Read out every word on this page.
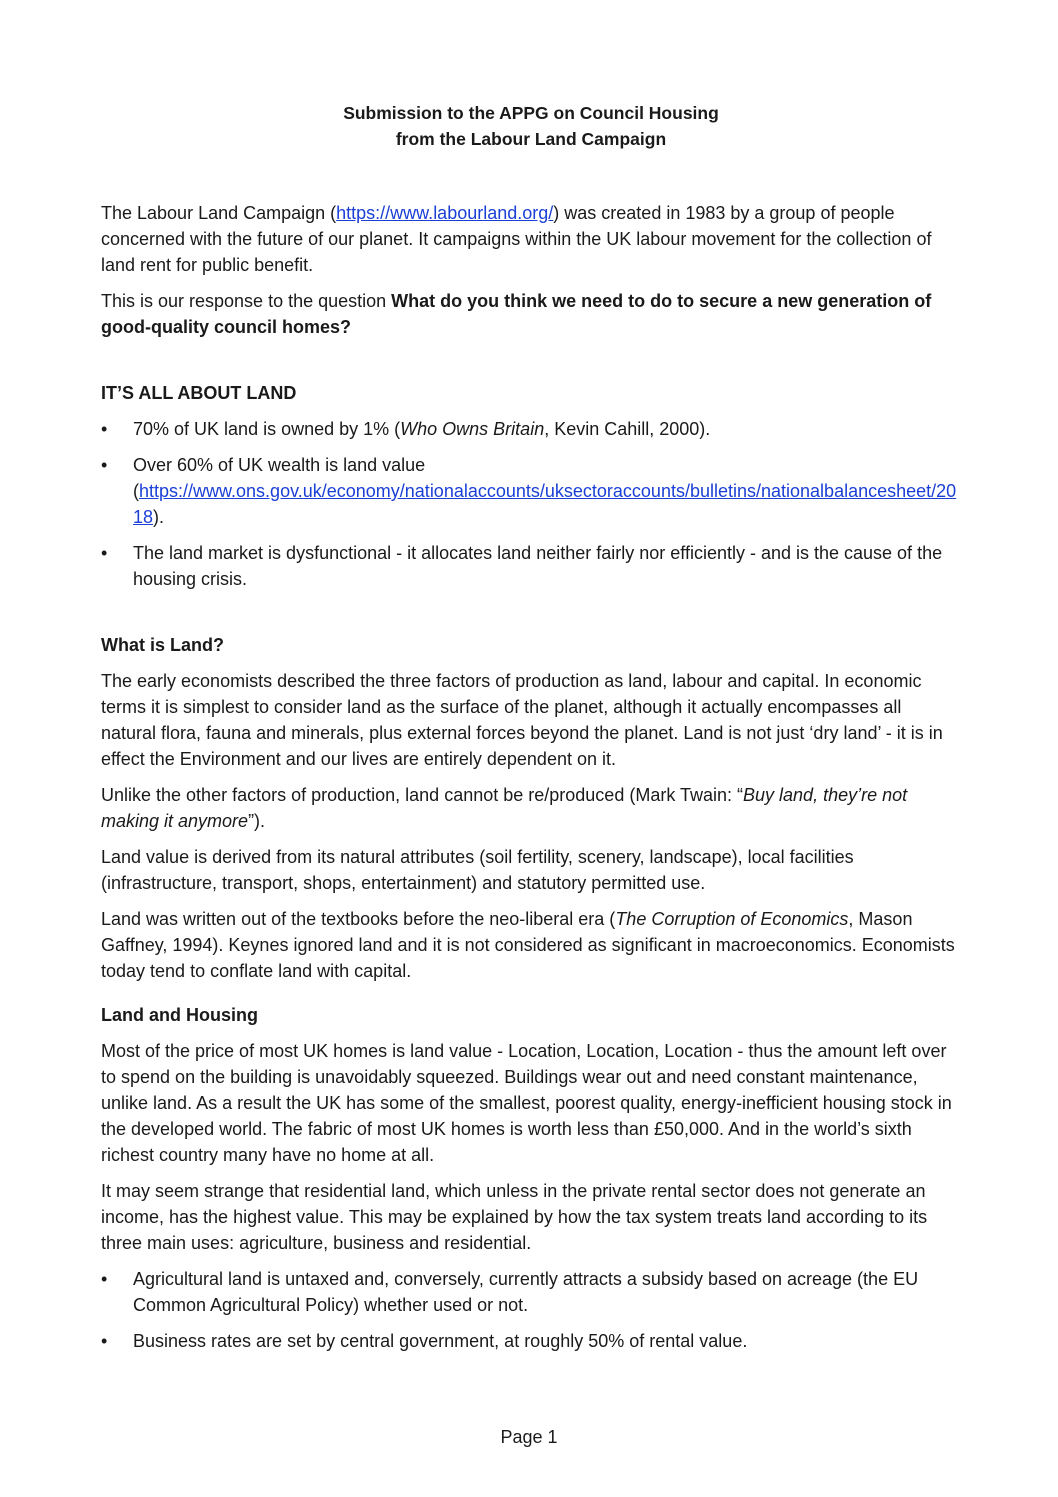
Submission to the APPG on Council Housing
from the Labour Land Campaign

The Labour Land Campaign (https://www.labourland.org/) was created in 1983 by a group of people concerned with the future of our planet. It campaigns within the UK labour movement for the collection of land rent for public benefit.

This is our response to the question What do you think we need to do to secure a new generation of good-quality council homes?

IT’S ALL ABOUT LAND
• 70% of UK land is owned by 1% (Who Owns Britain, Kevin Cahill, 2000).
• Over 60% of UK wealth is land value
(https://www.ons.gov.uk/economy/nationalaccounts/uksectoraccounts/bulletins/nationalbalancesheet/2018).
• The land market is dysfunctional - it allocates land neither fairly nor efficiently - and is the cause of the housing crisis.
What is Land?

The early economists described the three factors of production as land, labour and capital. In economic terms it is simplest to consider land as the surface of the planet, although it actually encompasses all natural flora, fauna and minerals, plus external forces beyond the planet. Land is not just ‘dry land’ - it is in effect the Environment and our lives are entirely dependent on it.

Unlike the other factors of production, land cannot be re/produced (Mark Twain: “Buy land, they’re not making it anymore”).

Land value is derived from its natural attributes (soil fertility, scenery, landscape), local facilities (infrastructure, transport, shops, entertainment) and statutory permitted use.

Land was written out of the textbooks before the neo-liberal era (The Corruption of Economics, Mason Gaffney, 1994). Keynes ignored land and it is not considered as significant in macroeconomics. Economists today tend to conflate land with capital.

Land and Housing

Most of the price of most UK homes is land value - Location, Location, Location - thus the amount left over to spend on the building is unavoidably squeezed. Buildings wear out and need constant maintenance, unlike land. As a result the UK has some of the smallest, poorest quality, energy-inefficient housing stock in the developed world. The fabric of most UK homes is worth less than £50,000. And in the world’s sixth richest country many have no home at all.

It may seem strange that residential land, which unless in the private rental sector does not generate an income, has the highest value. This may be explained by how the tax system treats land according to its three main uses: agriculture, business and residential.

• Agricultural land is untaxed and, conversely, currently attracts a subsidy based on acreage (the EU Common Agricultural Policy) whether used or not.
• Business rates are set by central government, at roughly 50% of rental value.
Page 1
